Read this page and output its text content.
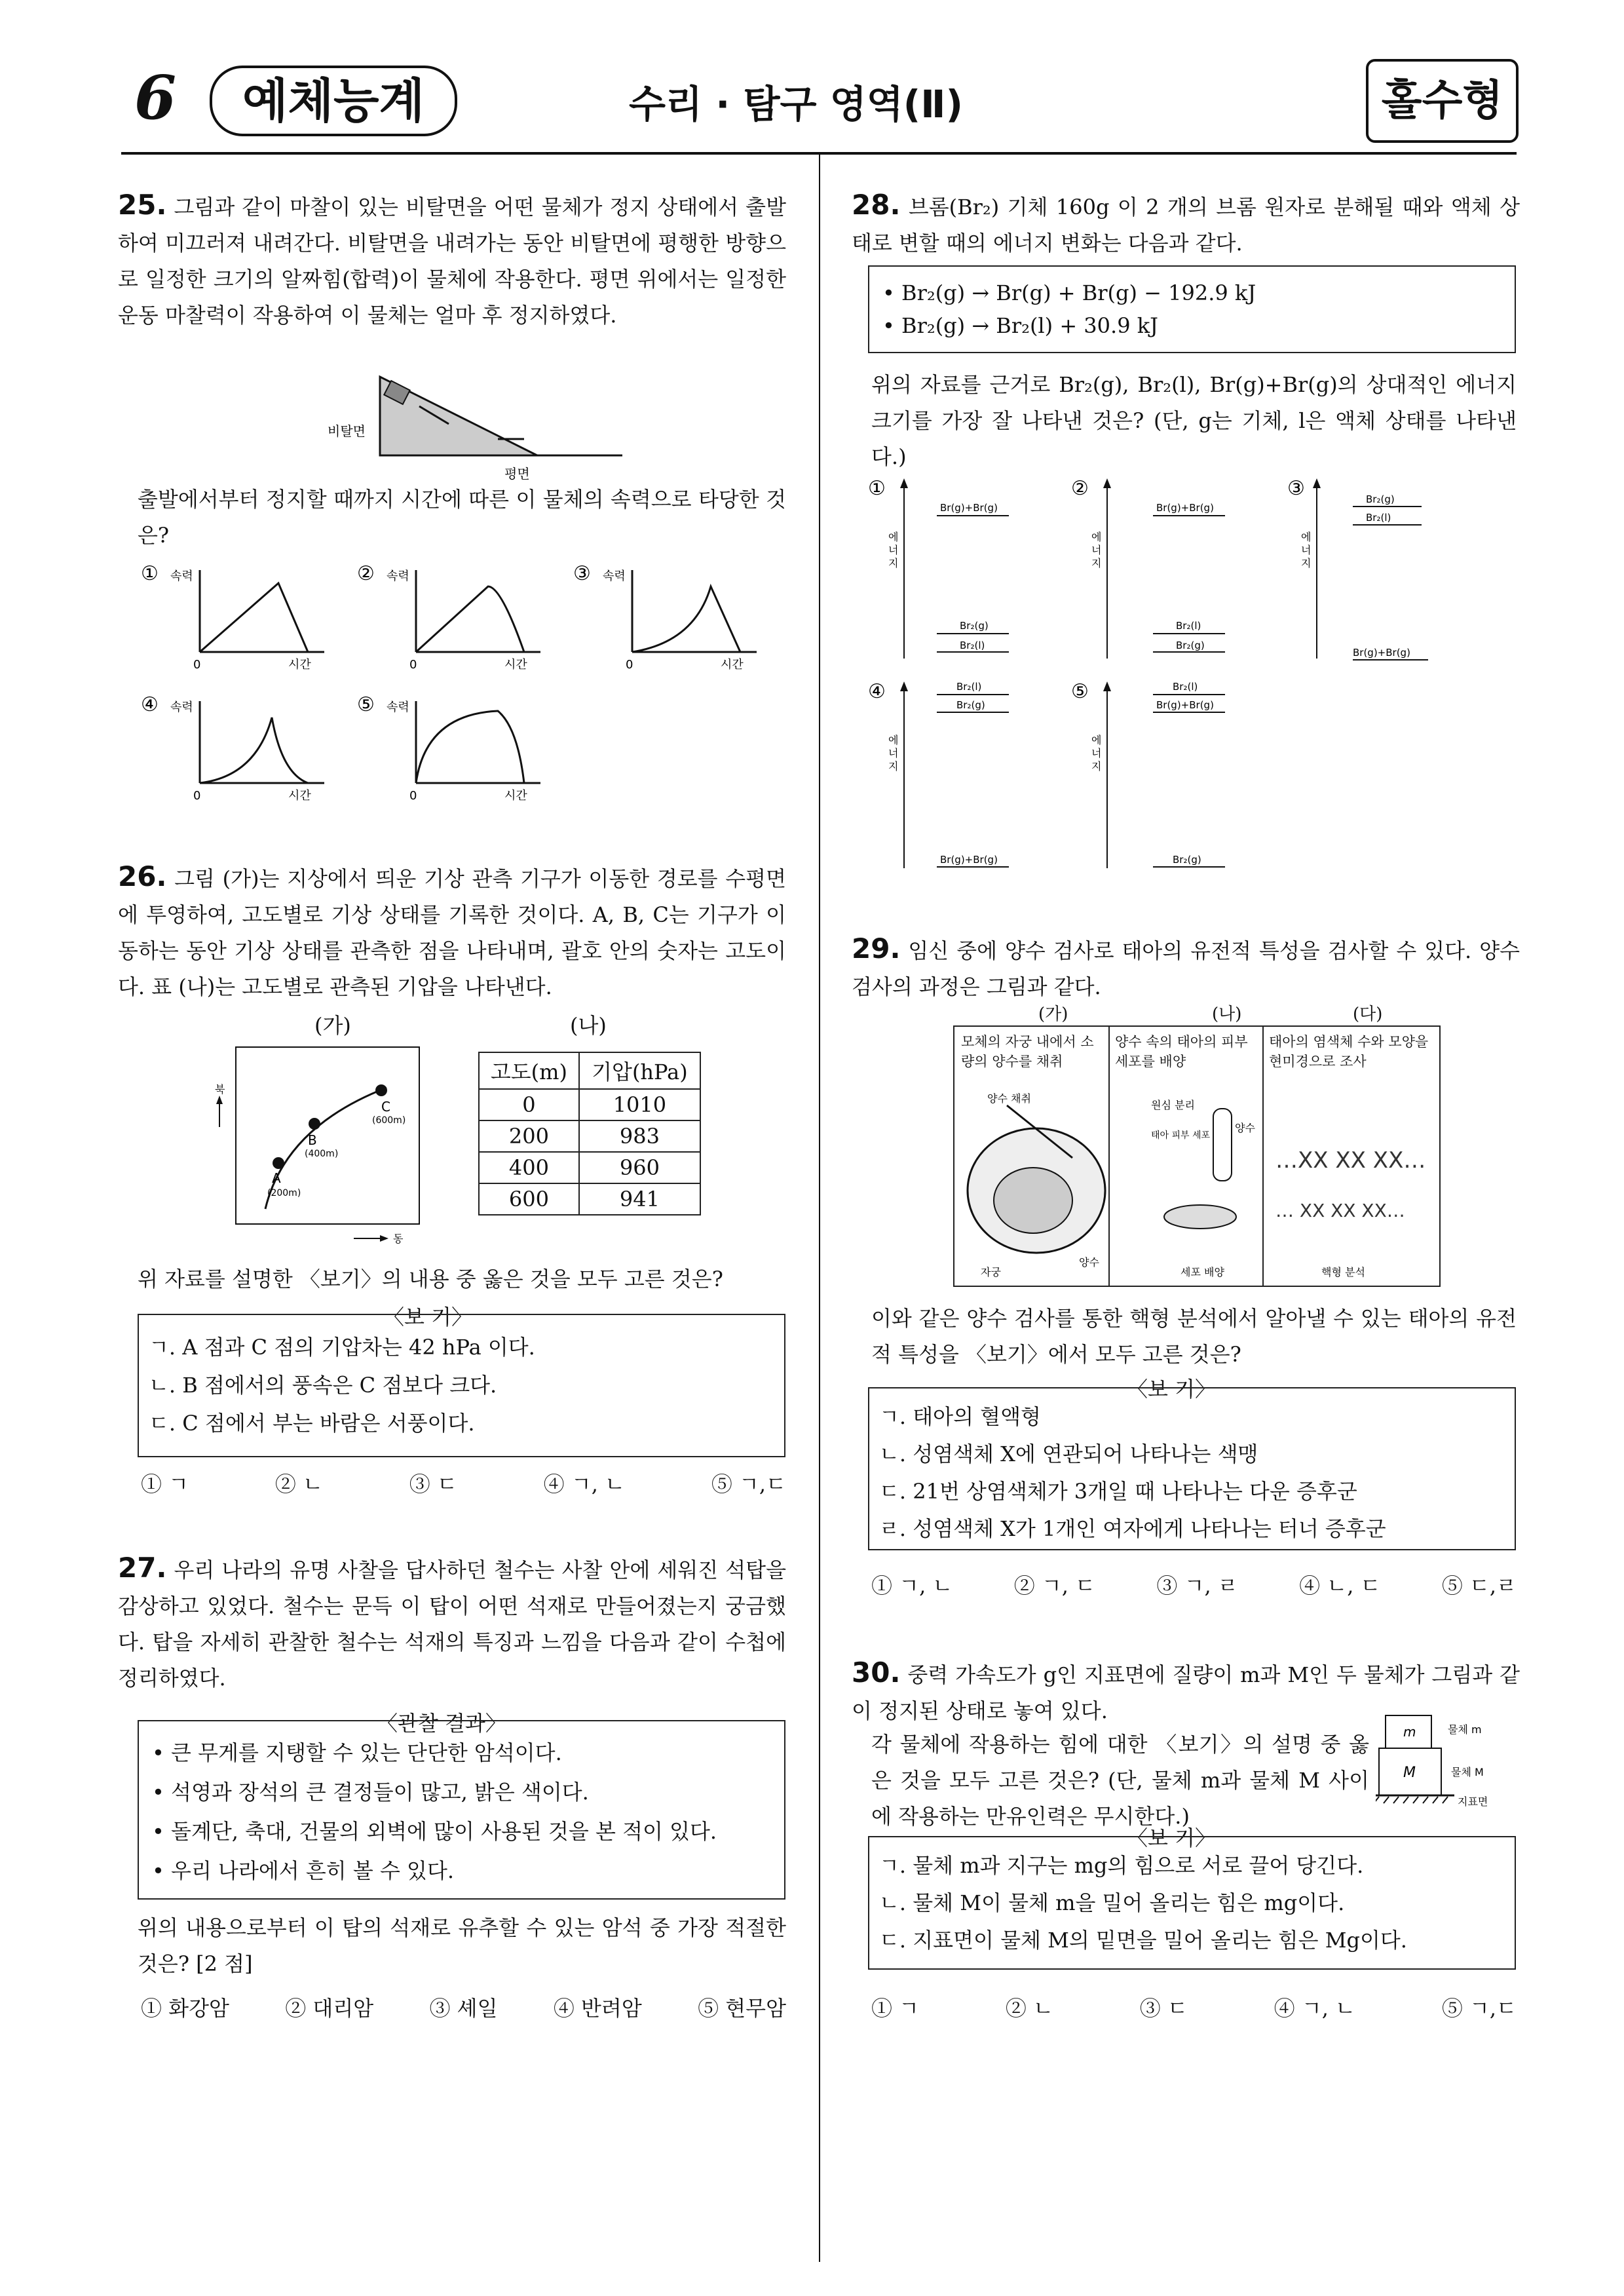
6	예체능계	수리 · 탐구 영역(Ⅱ)	홀수형
25. 그림과 같이 마찰이 있는 비탈면을 어떤 물체가 정지 상태에서 출발하여 미끄러져 내려간다. 비탈면을 내려가는 동안 비탈면에 평행한 방향으로 일정한 크기의 알짜힘(합력)이 물체에 작용한다. 평면 위에서는 일정한 운동 마찰력이 작용하여 이 물체는 얼마 후 정지하였다.
비탈면
평면
출발에서부터 정지할 때까지 시간에 따른 이 물체의 속력으로 타당한 것은?
① 속력
0	시간
② 속력
0	시간
③ 속력
0	시간
④ 속력
0	시간
⑤ 속력
0	시간
26. 그림 (가)는 지상에서 띄운 기상 관측 기구가 이동한 경로를 수평면에 투영하여, 고도별로 기상 상태를 기록한 것이다. A, B, C는 기구가 이동하는 동안 기상 상태를 관측한 점을 나타내며, 괄호 안의 숫자는 고도이다. 표 (나)는 고도별로 관측된 기압을 나타낸다.
(가)	(나)
북
동
A
(200m)
B
(400m)
C
(600m)
고도(m)	기압(hPa)
0	1010
200	983
400	960
600	941
위 자료를 설명한 〈보기〉의 내용 중 옳은 것을 모두 고른 것은?
〈보 기〉
ㄱ. A 점과 C 점의 기압차는 42 hPa 이다.
ㄴ. B 점에서의 풍속은 C 점보다 크다.
ㄷ. C 점에서 부는 바람은 서풍이다.
① ㄱ	② ㄴ	③ ㄷ	④ ㄱ, ㄴ	⑤ ㄱ,ㄷ
27. 우리 나라의 유명 사찰을 답사하던 철수는 사찰 안에 세워진 석탑을 감상하고 있었다. 철수는 문득 이 탑이 어떤 석재로 만들어졌는지 궁금했다. 탑을 자세히 관찰한 철수는 석재의 특징과 느낌을 다음과 같이 수첩에 정리하였다.
〈관찰 결과〉
• 큰 무게를 지탱할 수 있는 단단한 암석이다.
• 석영과 장석의 큰 결정들이 많고, 밝은 색이다.
• 돌계단, 축대, 건물의 외벽에 많이 사용된 것을 본 적이 있다.
• 우리 나라에서 흔히 볼 수 있다.
위의 내용으로부터 이 탑의 석재로 유추할 수 있는 암석 중 가장 적절한 것은? [2 점]
① 화강암	② 대리암	③ 셰일	④ 반려암	⑤ 현무암
28. 브롬(Br₂) 기체 160g 이 2 개의 브롬 원자로 분해될 때와 액체 상태로 변할 때의 에너지 변화는 다음과 같다.
• Br₂(g) → Br(g) + Br(g) − 192.9 kJ
• Br₂(g) → Br₂(l) + 30.9 kJ
위의 자료를 근거로 Br₂(g), Br₂(l), Br(g)+Br(g)의 상대적인 에너지 크기를 가장 잘 나타낸 것은? (단, g는 기체, l은 액체 상태를 나타낸다.)
①
에
너
지
Br(g)+Br(g)
Br₂(g)
Br₂(l)
②
에
너
지
Br(g)+Br(g)
Br₂(l)
Br₂(g)
③
에
너
지
Br₂(g)
Br₂(l)
Br(g)+Br(g)
④
에
너
지
Br₂(l)
Br₂(g)
Br(g)+Br(g)
⑤
에
너
지
Br₂(l)
Br(g)+Br(g)
Br₂(g)
29. 임신 중에 양수 검사로 태아의 유전적 특성을 검사할 수 있다. 양수 검사의 과정은 그림과 같다.
(가)	(나)	(다)
모체의 자궁 내에서 소량의 양수를 채취
양수 속의 태아의 피부 세포를 배양
태아의 염색체 수와 모양을 현미경으로 조사
양수 채취
원심 분리
양수
태아 피부 세포
세포 배양
자궁
양수
핵형 분석
…XX XX XX…
… XX XX XX…
이와 같은 양수 검사를 통한 핵형 분석에서 알아낼 수 있는 태아의 유전적 특성을 〈보기〉에서 모두 고른 것은?
〈보 기〉
ㄱ. 태아의 혈액형
ㄴ. 성염색체 X에 연관되어 나타나는 색맹
ㄷ. 21번 상염색체가 3개일 때 나타나는 다운 증후군
ㄹ. 성염색체 X가 1개인 여자에게 나타나는 터너 증후군
① ㄱ, ㄴ	② ㄱ, ㄷ	③ ㄱ, ㄹ	④ ㄴ, ㄷ	⑤ ㄷ,ㄹ
30. 중력 가속도가 g인 지표면에 질량이 m과 M인 두 물체가 그림과 같이 정지된 상태로 놓여 있다.
각 물체에 작용하는 힘에 대한 〈보기〉의 설명 중 옳은 것을 모두 고른 것은? (단, 물체 m과 물체 M 사이에 작용하는 만유인력은 무시한다.)
m
M
물체 m
물체 M
지표면
〈보 기〉
ㄱ. 물체 m과 지구는 mg의 힘으로 서로 끌어 당긴다.
ㄴ. 물체 M이 물체 m을 밀어 올리는 힘은 mg이다.
ㄷ. 지표면이 물체 M의 밑면을 밀어 올리는 힘은 Mg이다.
① ㄱ	② ㄴ	③ ㄷ	④ ㄱ, ㄴ	⑤ ㄱ,ㄷ
